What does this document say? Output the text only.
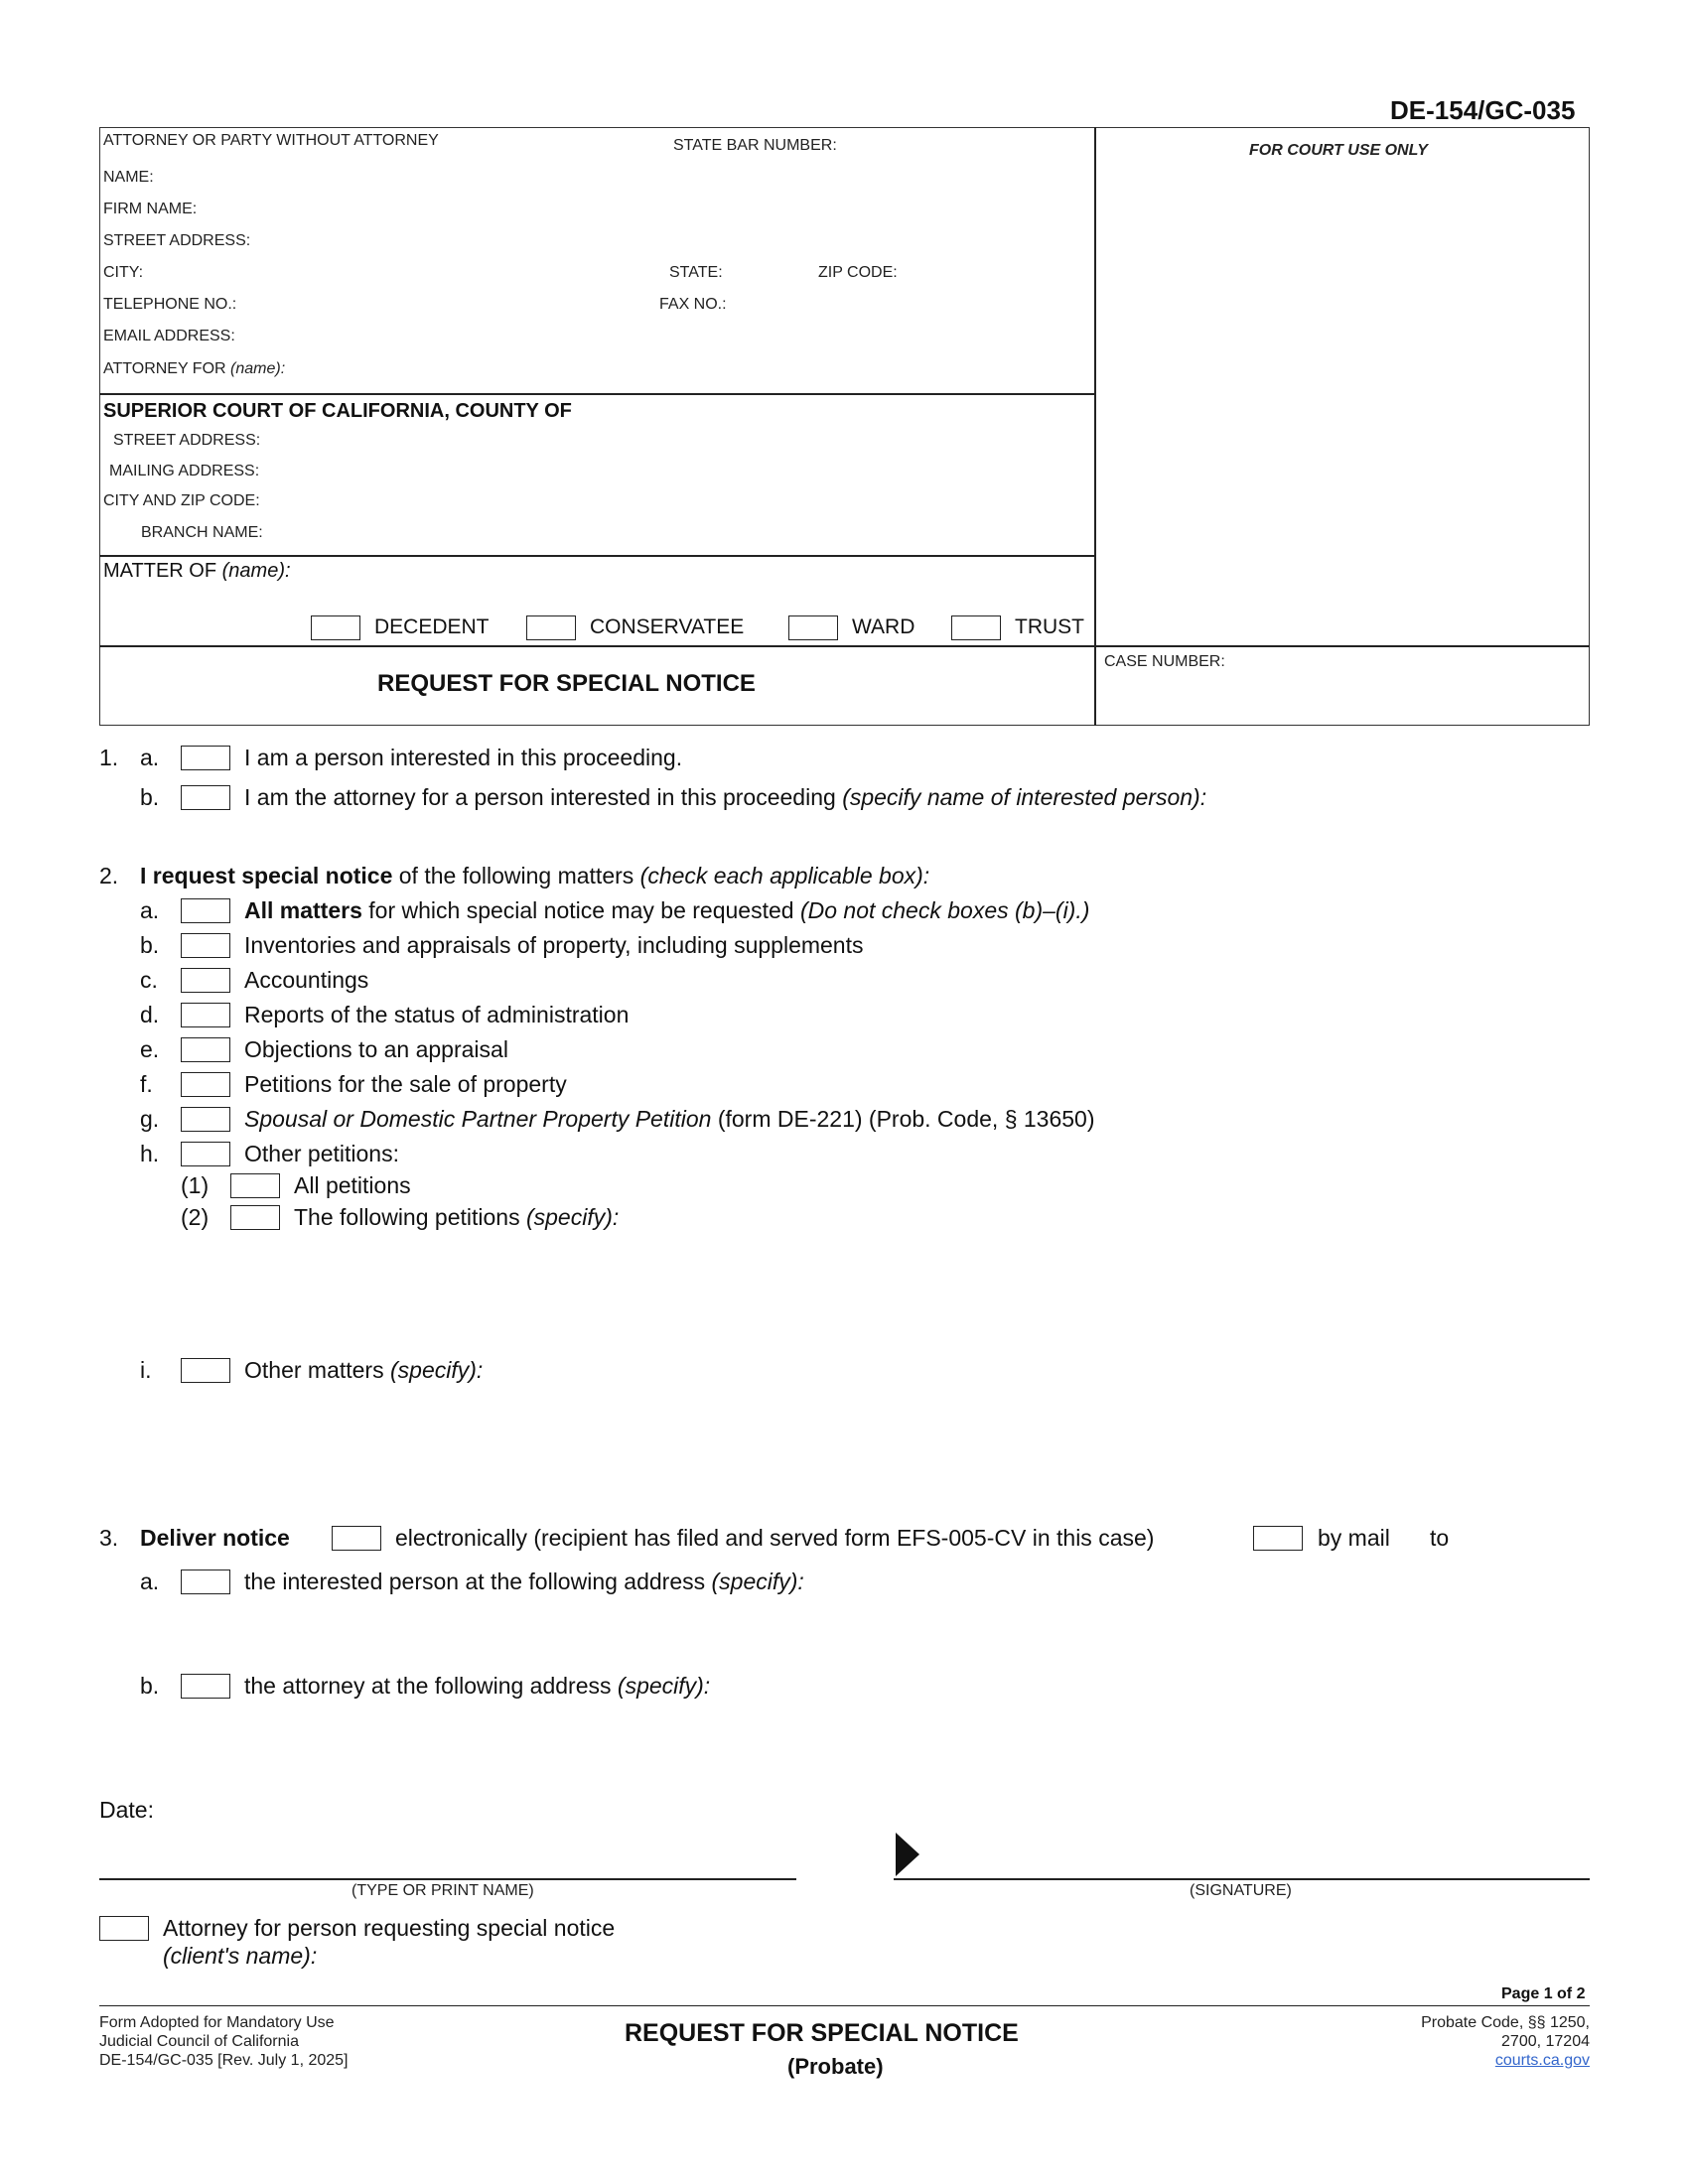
DE-154/GC-035
ATTORNEY OR PARTY WITHOUT ATTORNEY	STATE BAR NUMBER:
NAME:
FIRM NAME:
STREET ADDRESS:
CITY:	STATE:	ZIP CODE:
TELEPHONE NO.:	FAX NO.:
EMAIL ADDRESS:
ATTORNEY FOR (name):
FOR COURT USE ONLY
SUPERIOR COURT OF CALIFORNIA, COUNTY OF
STREET ADDRESS:
MAILING ADDRESS:
CITY AND ZIP CODE:
BRANCH NAME:
MATTER OF (name):
DECEDENT	CONSERVATEE	WARD	TRUST
CASE NUMBER:
REQUEST FOR SPECIAL NOTICE
1. a.	I am a person interested in this proceeding.
b.	I am the attorney for a person interested in this proceeding (specify name of interested person):
2. I request special notice of the following matters (check each applicable box):
a.	All matters for which special notice may be requested (Do not check boxes (b)–(i).)
b.	Inventories and appraisals of property, including supplements
c.	Accountings
d.	Reports of the status of administration
e.	Objections to an appraisal
f.	Petitions for the sale of property
g.	Spousal or Domestic Partner Property Petition (form DE-221) (Prob. Code, § 13650)
h.	Other petitions:
(1)	All petitions
(2)	The following petitions (specify):
i.	Other matters (specify):
3. Deliver notice	electronically (recipient has filed and served form EFS-005-CV in this case)	by mail to
a.	the interested person at the following address (specify):
b.	the attorney at the following address (specify):
Date:
(TYPE OR PRINT NAME)	(SIGNATURE)
Attorney for person requesting special notice
(client's name):
Page 1 of 2
Form Adopted for Mandatory Use
Judicial Council of California
DE-154/GC-035 [Rev. July 1, 2025]
REQUEST FOR SPECIAL NOTICE
(Probate)
Probate Code, §§ 1250,
2700, 17204
courts.ca.gov
